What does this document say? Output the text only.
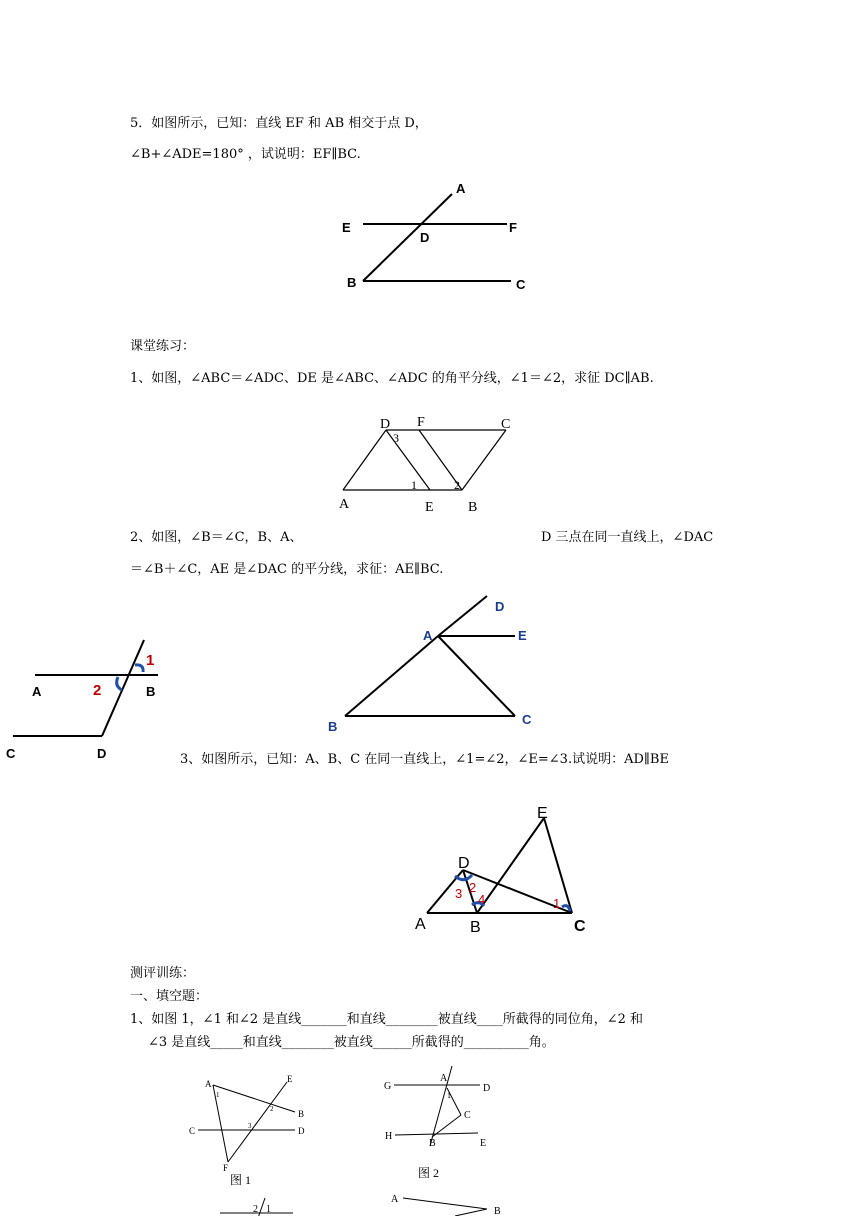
5．如图所示，已知：直线 EF 和 AB 相交于点 D，
∠B+∠ADE=180° ，试说明：EF∥BC.
A
E	F
D
B	C
课堂练习：
1、如图，∠ABC＝∠ADC、DE 是∠ABC、∠ADC 的角平分线，∠1＝∠2，求征 DC∥AB.
D F	C
3
A
1
E
2
B
2、如图，∠B＝∠C，B、A、	D 三点在同一直线上，∠DAC
＝∠B＋∠C，AE 是∠DAC 的平分线，求征：AE∥BC.
D
A	E
B	C
1
2
A	B
C	D	3、如图所示，已知：A、B、C 在同一直线上，∠1=∠2，∠E=∠3.试说明：AD∥BE
E
D
A	B	C
3 2
4	1
测评训练：
一、填空题：
1、如图 1，∠1 和∠2 是直线_______和直线________被直线____所截得的同位角，∠2 和
∠3 是直线_____和直线________被直线______所截得的__________角。
A	E
1
2	B
C	3	D
F
图 1
G
A
D
1
C
H
B	E
图 2
2 1
A
B
